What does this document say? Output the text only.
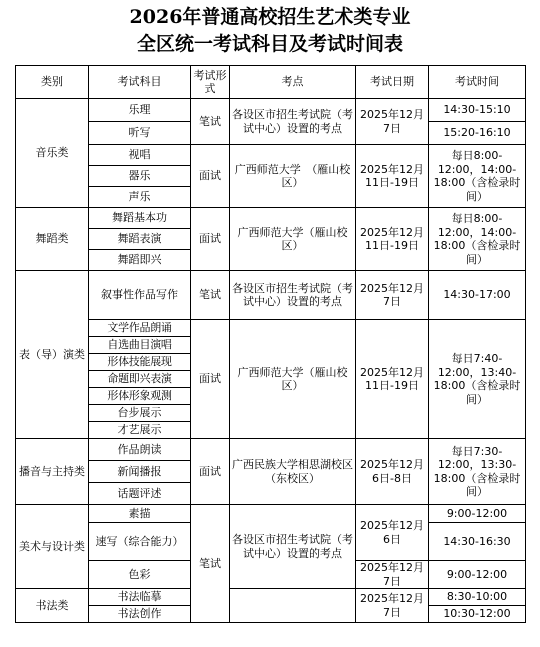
2026年普通高校招生艺术类专业
全区统一考试科目及考试时间表
类别	考试科目	考试形式	考点	考试日期	考试时间
音乐类	乐理	笔试	各设区市招生考试院（考试中心）设置的考点	2025年12月7日	14:30-15:10
	听写				15:20-16:10
	视唱	面试	广西师范大学　（雁山校区）	2025年12月11日-19日	每日8:00-12:00，14:00-18:00（含检录时间）
	器乐				
	声乐				
舞蹈类	舞蹈基本功	面试	广西师范大学（雁山校区）	2025年12月11日-19日	每日8:00-12:00，14:00-18:00（含检录时间）
	舞蹈表演				
	舞蹈即兴				
表（导）演类	叙事性作品写作	笔试	各设区市招生考试院（考试中心）设置的考点	2025年12月7日	14:30-17:00
	文学作品朗诵	面试	广西师范大学（雁山校区）	2025年12月11日-19日	每日7:40-12:00，13:40-18:00（含检录时间）
	自选曲目演唱				
	形体技能展现				
	命题即兴表演				
	形体形象观测				
	台步展示				
	才艺展示				
播音与主持类	作品朗读	面试	广西民族大学相思湖校区（东校区）	2025年12月6日-8日	每日7:30-12:00，13:30-18:00（含检录时间）
	新闻播报				
	话题评述				
美术与设计类	素描	笔试	各设区市招生考试院（考试中心）设置的考点	2025年12月6日	9:00-12:00
	速写（综合能力）				14:30-16:30
	色彩			2025年12月7日	9:00-12:00
书法类	书法临摹			2025年12月7日	8:30-10:00
	书法创作				10:30-12:00
